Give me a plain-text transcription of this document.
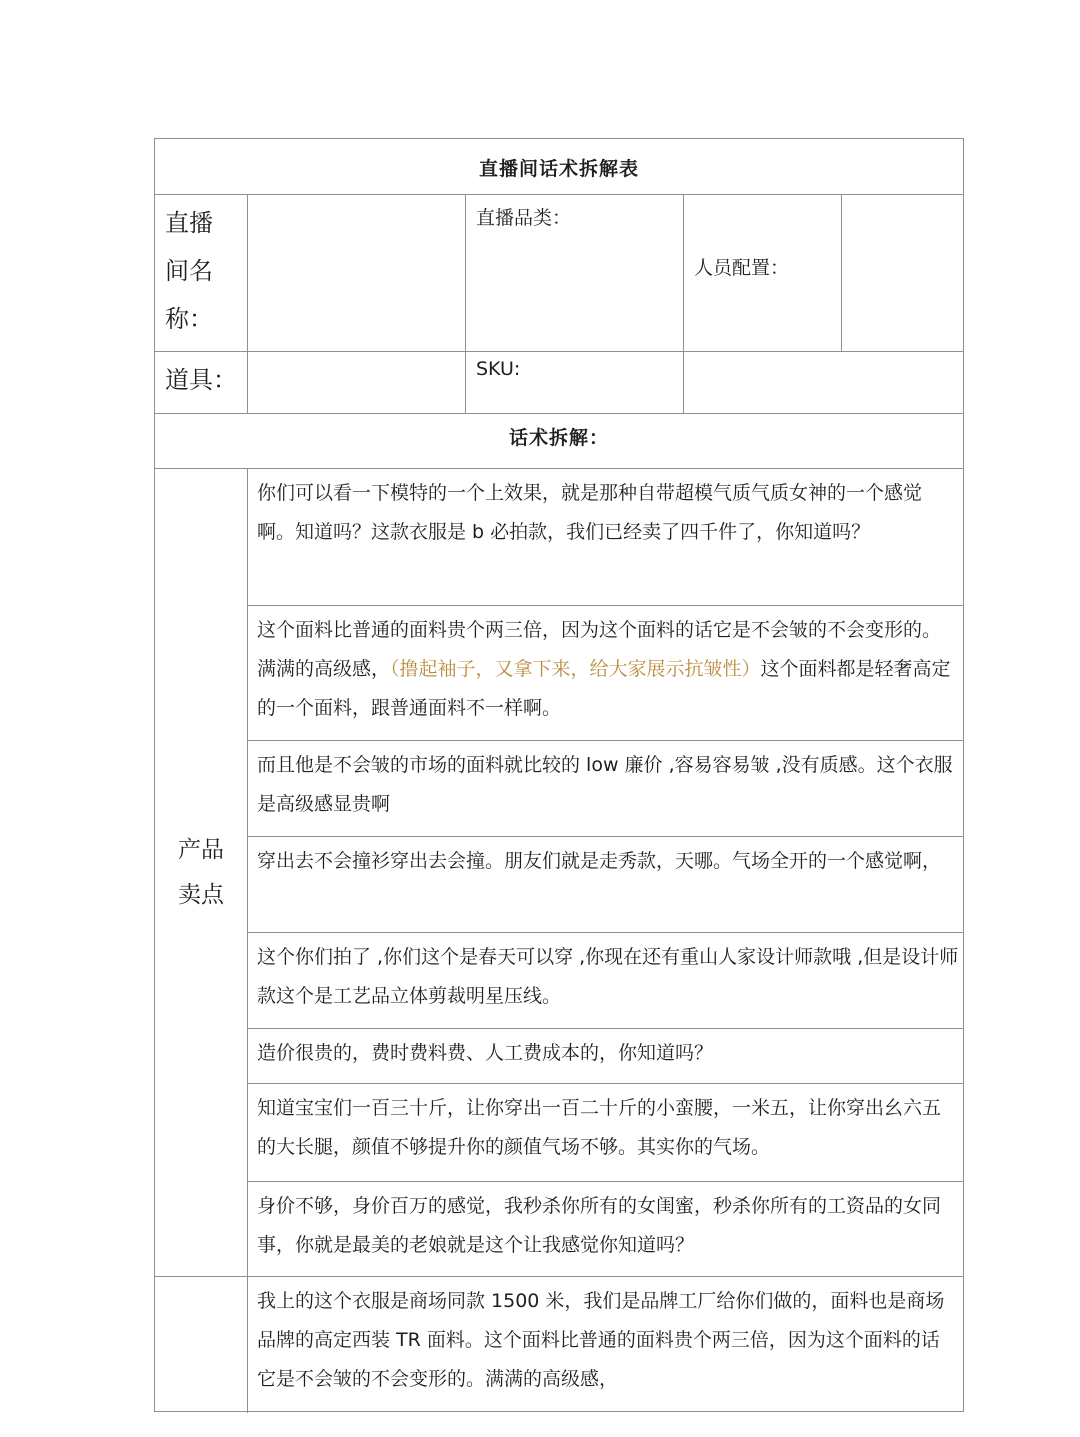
直播间话术拆解表
直播间名称：
直播品类：
人员配置：
道具：	SKU:
话术拆解：
产品卖点
你们可以看一下模特的一个上效果，就是那种自带超模气质气质女神的一个感觉啊。知道吗？这款衣服是 b 必拍款，我们已经卖了四千件了，你知道吗？
这个面料比普通的面料贵个两三倍，因为这个面料的话它是不会皱的不会变形的。满满的高级感，（撸起袖子，又拿下来，给大家展示抗皱性）这个面料都是轻奢高定的一个面料，跟普通面料不一样啊。
而且他是不会皱的市场的面料就比较的 low 廉价 ,容易容易皱 ,没有质感。这个衣服是高级感显贵啊
穿出去不会撞衫穿出去会撞。朋友们就是走秀款，天哪。气场全开的一个感觉啊，
这个你们拍了 ,你们这个是春天可以穿 ,你现在还有重山人家设计师款哦 ,但是设计师款这个是工艺品立体剪裁明星压线。
造价很贵的，费时费料费、人工费成本的，你知道吗？
知道宝宝们一百三十斤，让你穿出一百二十斤的小蛮腰，一米五，让你穿出幺六五的大长腿，颜值不够提升你的颜值气场不够。其实你的气场。
身价不够，身价百万的感觉，我秒杀你所有的女闺蜜，秒杀你所有的工资品的女同事，你就是最美的老娘就是这个让我感觉你知道吗？
我上的这个衣服是商场同款 1500 米，我们是品牌工厂给你们做的，面料也是商场品牌的高定西装 TR 面料。这个面料比普通的面料贵个两三倍，因为这个面料的话它是不会皱的不会变形的。满满的高级感，
